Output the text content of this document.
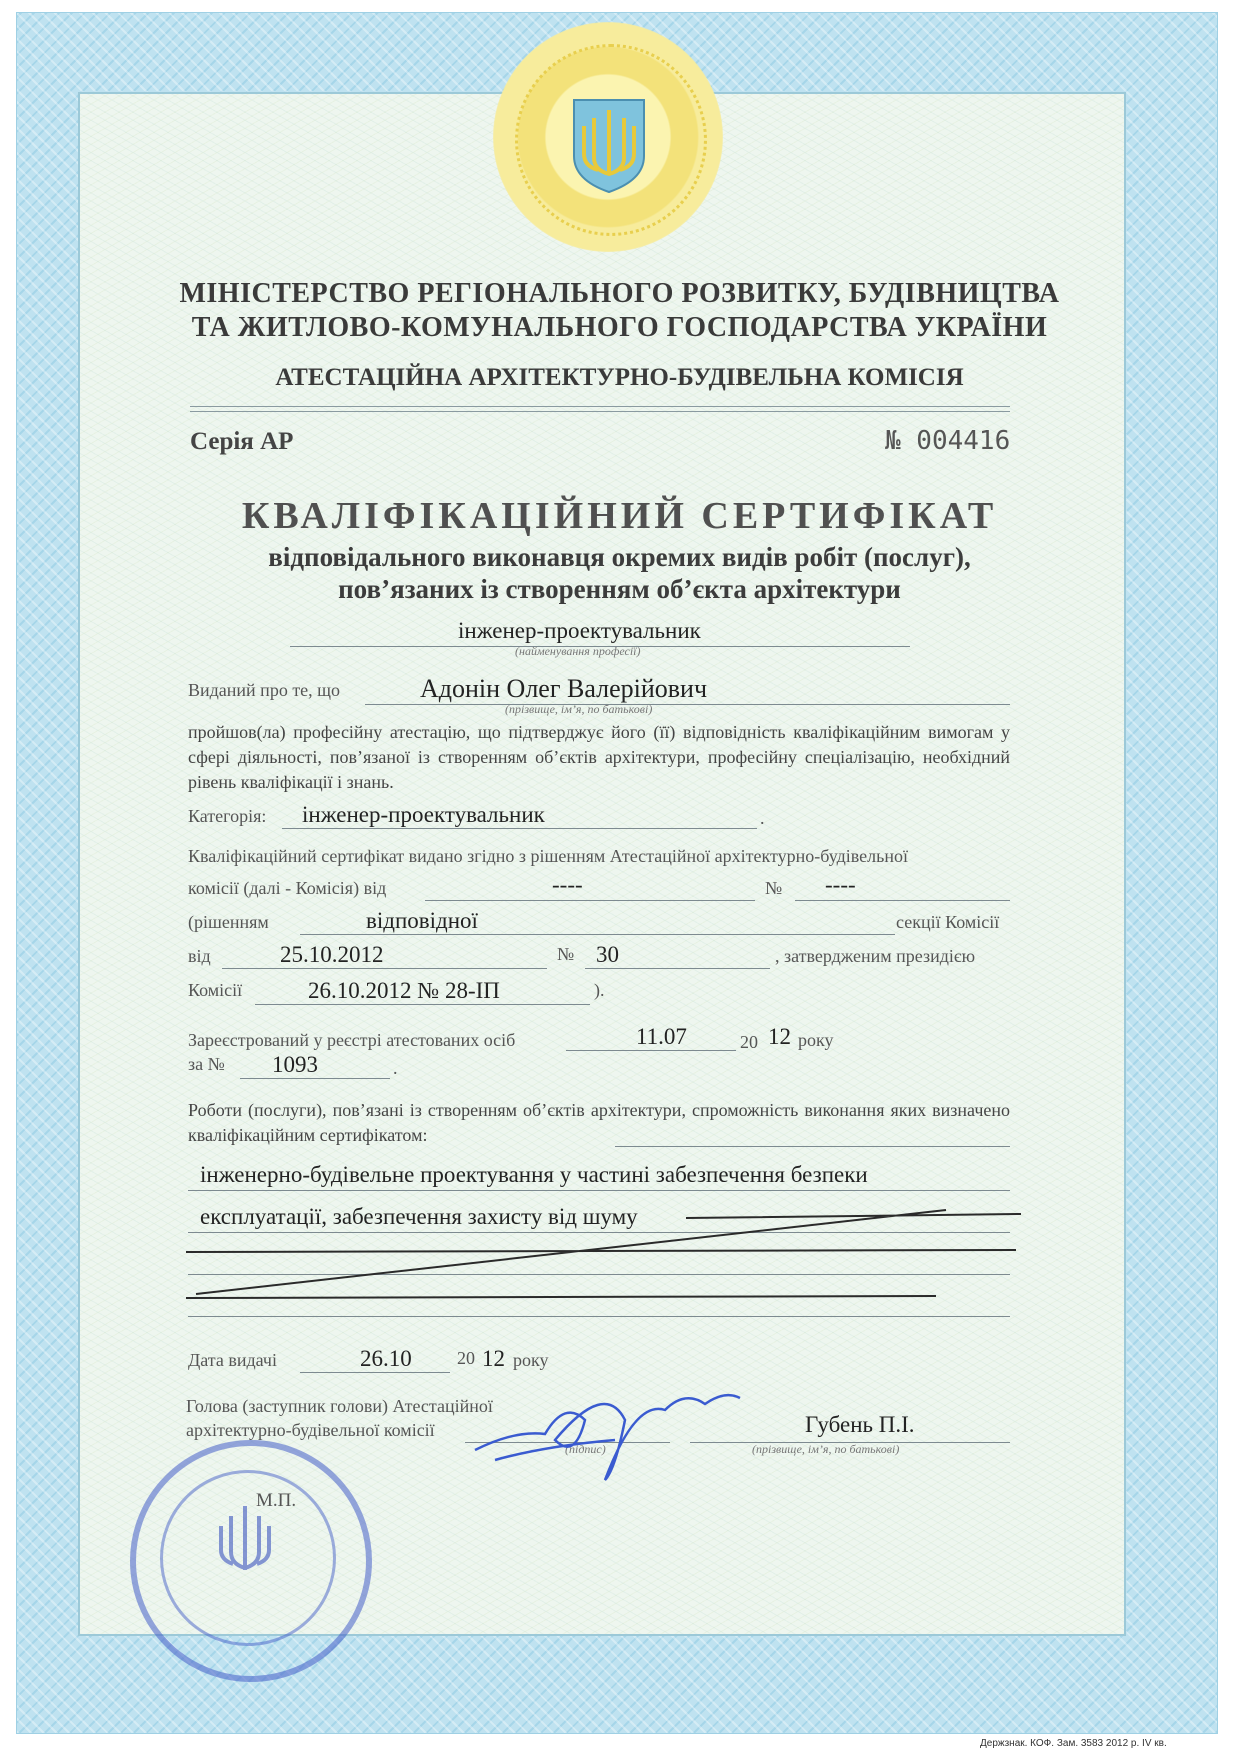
МІНІСТЕРСТВО РЕГІОНАЛЬНОГО РОЗВИТКУ, БУДІВНИЦТВА
ТА ЖИТЛОВО-КОМУНАЛЬНОГО ГОСПОДАРСТВА УКРАЇНИ
АТЕСТАЦІЙНА АРХІТЕКТУРНО-БУДІВЕЛЬНА КОМІСІЯ
Серія АР	№ 004416
КВАЛІФІКАЦІЙНИЙ СЕРТИФІКАТ
відповідального виконавця окремих видів робіт (послуг),
пов’язаних із створенням об’єкта архітектури
інженер-проектувальник
(найменування професії)
Виданий про те, що	Адонін Олег Валерійович
(прізвище, ім’я, по батькові)
пройшов(ла) професійну атестацію, що підтверджує його (її) відповідність кваліфікаційним вимогам у сфері діяльності, пов’язаної із створенням об’єктів архітектури, професійну спеціалізацію, необхідний рівень кваліфікації і знань.
Категорія: інженер-проектувальник	.
Кваліфікаційний сертифікат видано згідно з рішенням Атестаційної архітектурно-будівельної
комісії (далі - Комісія) від	----	№ ----
(рішенням	відповідної	секції Комісії
від	25.10.2012	№ 30	, затвердженим президією
Комісії	26.10.2012 № 28-ІП	).
Зареєстрований у реєстрі атестованих осіб	11.07	20 12 року
за № 1093	.
Роботи (послуги), пов’язані із створенням об’єктів архітектури, спроможність виконання яких визначено кваліфікаційним сертифікатом:
інженерно-будівельне проектування у частині забезпечення безпеки
експлуатації, забезпечення захисту від шуму
Дата видачі	26.10	20 12 року
Голова (заступник голови) Атестаційної
архітектурно-будівельної комісії
(підпис)
Губень П.І.
(прізвище, ім’я, по батькові)
М.П.
Держзнак. КОФ. Зам. 3583 2012 р. IV кв.
